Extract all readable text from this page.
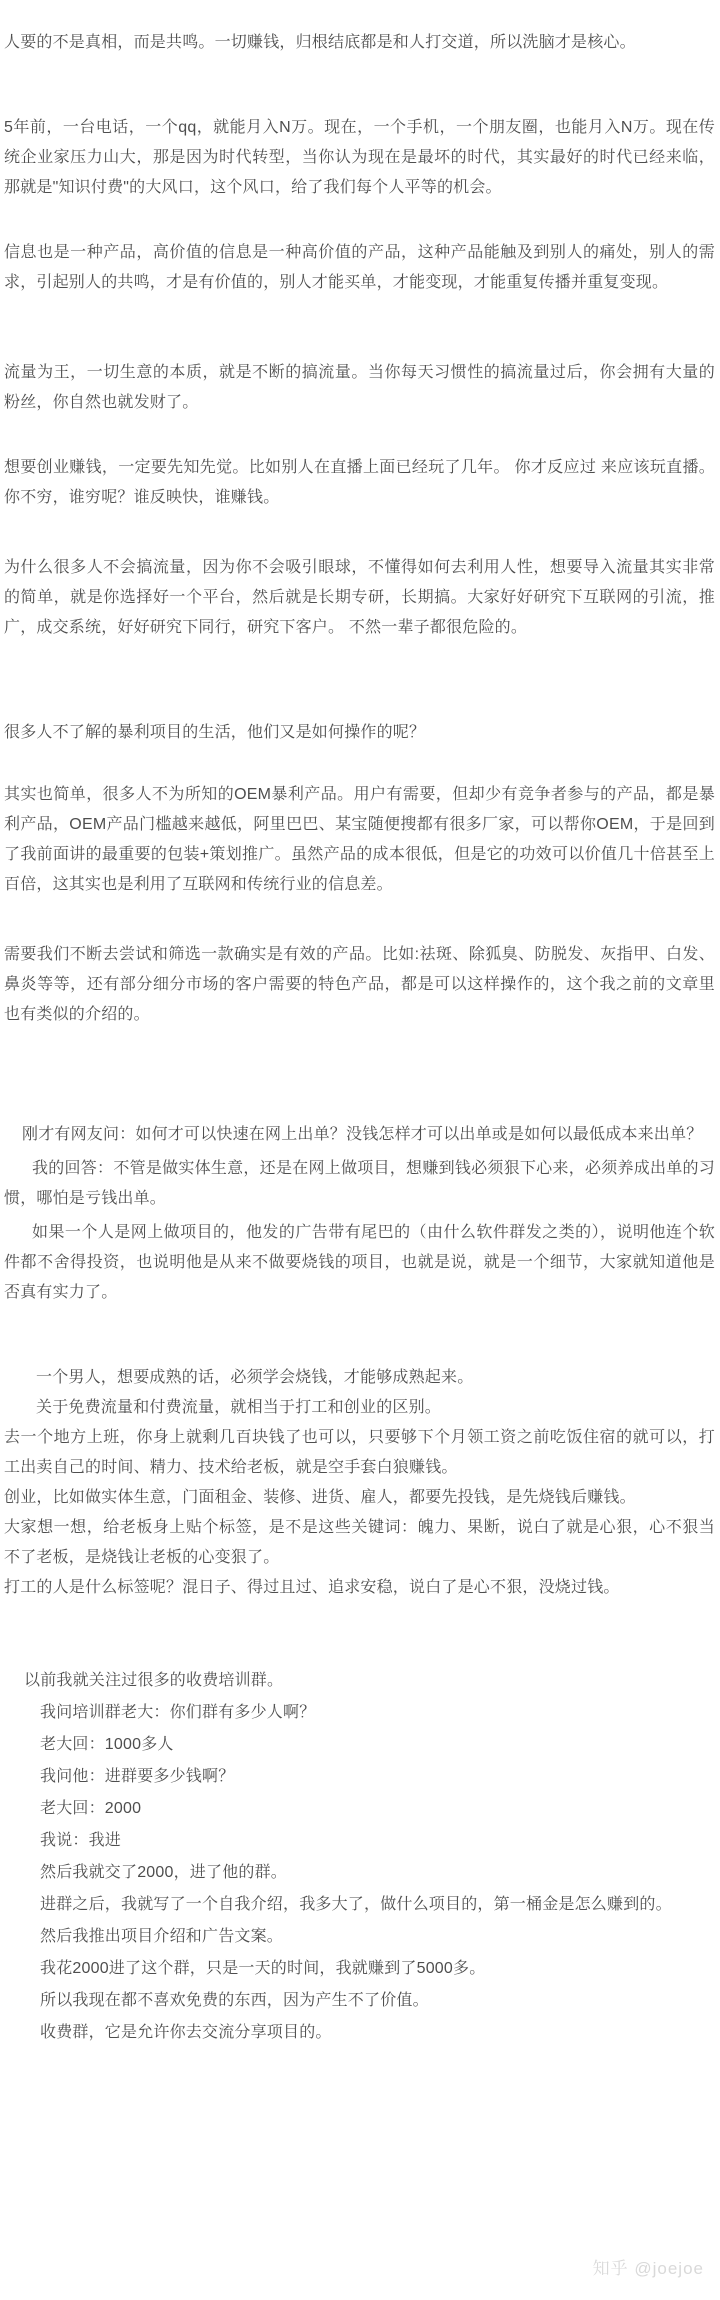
人要的不是真相，而是共鸣。一切赚钱，归根结底都是和人打交道，所以洗脑才是核心。

5年前，一台电话，一个qq，就能月入N万。现在，一个手机，一个朋友圈，也能月入N万。现在传统企业家压力山大，那是因为时代转型，当你认为现在是最坏的时代，其实最好的时代已经来临，那就是"知识付费"的大风口，这个风口，给了我们每个人平等的机会。

信息也是一种产品，高价值的信息是一种高价值的产品，这种产品能触及到别人的痛处，别人的需求，引起别人的共鸣，才是有价值的，别人才能买单，才能变现，才能重复传播并重复变现。

流量为王，一切生意的本质，就是不断的搞流量。当你每天习惯性的搞流量过后，你会拥有大量的粉丝，你自然也就发财了。

想要创业赚钱，一定要先知先觉。比如别人在直播上面已经玩了几年。 你才反应过 来应该玩直播。你不穷，谁穷呢？谁反映快，谁赚钱。

为什么很多人不会搞流量，因为你不会吸引眼球，不懂得如何去利用人性，想要导入流量其实非常的简单，就是你选择好一个平台，然后就是长期专研，长期搞。大家好好研究下互联网的引流，推广，成交系统，好好研究下同行，研究下客户。 不然一辈子都很危险的。

很多人不了解的暴利项目的生活，他们又是如何操作的呢？

其实也简单，很多人不为所知的OEM暴利产品。用户有需要，但却少有竞争者参与的产品，都是暴利产品，OEM产品门槛越来越低，阿里巴巴、某宝随便搜都有很多厂家，可以帮你OEM，于是回到了我前面讲的最重要的包装+策划推广。虽然产品的成本很低，但是它的功效可以价值几十倍甚至上百倍，这其实也是利用了互联网和传统行业的信息差。

需要我们不断去尝试和筛选一款确实是有效的产品。比如:祛斑、除狐臭、防脱发、灰指甲、白发、鼻炎等等，还有部分细分市场的客户需要的特色产品，都是可以这样操作的，这个我之前的文章里也有类似的介绍的。

刚才有网友问：如何才可以快速在网上出单？没钱怎样才可以出单或是如何以最低成本来出单？

我的回答：不管是做实体生意，还是在网上做项目，想赚到钱必须狠下心来，必须养成出单的习惯，哪怕是亏钱出单。

如果一个人是网上做项目的，他发的广告带有尾巴的（由什么软件群发之类的），说明他连个软件都不舍得投资，也说明他是从来不做要烧钱的项目，也就是说，就是一个细节，大家就知道他是否真有实力了。

一个男人，想要成熟的话，必须学会烧钱，才能够成熟起来。

关于免费流量和付费流量，就相当于打工和创业的区别。

去一个地方上班，你身上就剩几百块钱了也可以，只要够下个月领工资之前吃饭住宿的就可以，打工出卖自己的时间、精力、技术给老板，就是空手套白狼赚钱。

创业，比如做实体生意，门面租金、装修、进货、雇人，都要先投钱，是先烧钱后赚钱。

大家想一想，给老板身上贴个标签，是不是这些关键词：魄力、果断，说白了就是心狠，心不狠当不了老板，是烧钱让老板的心变狠了。

打工的人是什么标签呢？混日子、得过且过、追求安稳，说白了是心不狠，没烧过钱。

以前我就关注过很多的收费培训群。

我问培训群老大：你们群有多少人啊？

老大回：1000多人

我问他：进群要多少钱啊？

老大回：2000

我说：我进

然后我就交了2000，进了他的群。

进群之后，我就写了一个自我介绍，我多大了，做什么项目的，第一桶金是怎么赚到的。

然后我推出项目介绍和广告文案。

我花2000进了这个群，只是一天的时间，我就赚到了5000多。

所以我现在都不喜欢免费的东西，因为产生不了价值。

收费群，它是允许你去交流分享项目的。

知乎 @joejoe
